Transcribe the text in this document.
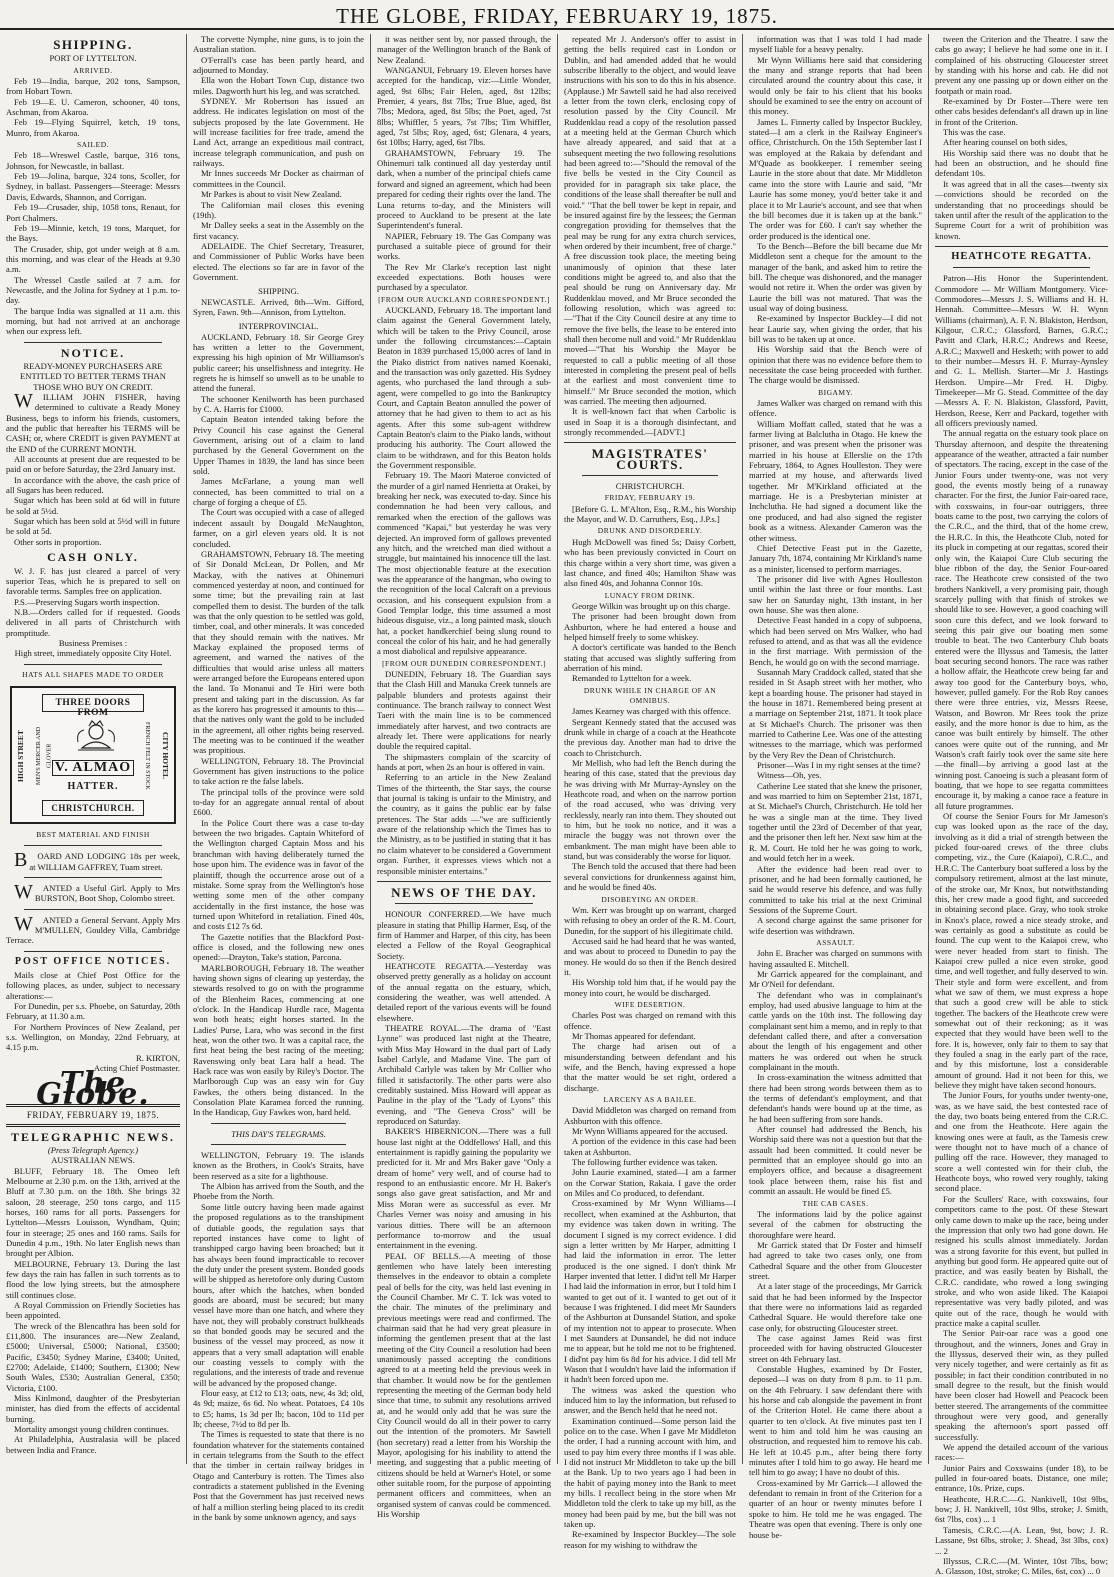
THE GLOBE, FRIDAY, FEBRUARY 19, 1875.
SHIPPING.

PORT OF LYTTELTON.

ARRIVED.

Feb 19—India, barque, 202 tons, Sampson, from Hobart Town.

Feb 19—E. U. Cameron, schooner, 40 tons, Aschman, from Akaroa.

Feb 19—Flying Squirrel, ketch, 19 tons, Munro, from Akaroa.

SAILED.

Feb 18—Wreswel Castle, barque, 316 tons, Johnson, for Newcastle, in ballast.

Feb 19—Jolina, barque, 324 tons, Scoller, for Sydney, in ballast. Passengers—Steerage: Messrs Davis, Edwards, Shannon, and Corrigan.

Feb 19—Crusader, ship, 1058 tons, Renaut, for Port Chalmers.

Feb 19—Minnie, ketch, 19 tons, Marquet, for the Bays.

The Crusader, ship, got under weigh at 8 a.m. this morning, and was clear of the Heads at 9.30 a.m.

The Wressel Castle sailed at 7 a.m. for Newcastle, and the Jolina for Sydney at 1 p.m. to-day.

The barque India was signalled at 11 a.m. this morning, but had not arrived at an anchorage when our express left.

NOTICE.

READY-MONEY PURCHASERS ARE ENTITLED TO BETTER TERMS THAN THOSE WHO BUY ON CREDIT.

WILLIAM JOHN FISHER, having determined to cultivate a Ready Money Business, begs to inform his friends, customers, and the public that hereafter his TERMS will be CASH; or, where CREDIT is given PAYMENT at the END of the CURRENT MONTH.

All accounts at present due are requested to be paid on or before Saturday, the 23rd January inst.

In accordance with the above, the cash price of all Sugars has been reduced.

Sugar which has been sold at 6d will in future be sold at 5½d.

Sugar which has been sold at 5½d will in future be sold at 5d.

Other sorts in proportion.

CASH ONLY.

W. J. F. has just cleared a parcel of very superior Teas, which he is prepared to sell on favorable terms. Samples free on application.

P.S.—Preserving Sugars worth inspection.

N.B.—Orders called for if requested. Goods delivered in all parts of Christchurch with promptitude.

Business Premises :

High street, immediately opposite City Hotel.

HATS ALL SHAPES MADE TO ORDER

THREE DOORS FROM
HIGH STREET	MEN'S MERCER AND GLOVER	CITY HOTEL
FRENCH FELT IN STOCK
V. ALMAO
HATTER.
CHRISTCHURCH.

BEST MATERIAL AND FINISH

BOARD AND LODGING 18s per week, at WILLIAM GAFFREY, Tuam street.

WANTED a Useful Girl. Apply to Mrs BURSTON, Boot Shop, Colombo street.

WANTED a General Servant. Apply Mrs M'MULLEN, Gouldey Villa, Cambridge Terrace.

POST OFFICE NOTICES.

Mails close at Chief Post Office for the following places, as under, subject to necessary alterations:—

For Dunedin, per s.s. Phoebe, on Saturday, 20th February, at 11.30 a.m.

For Northern Provinces of New Zealand, per s.s. Wellington, on Monday, 22nd February, at 4.15 p.m.

R. KIRTON,

Acting Chief Postmaster.

The Globe.
FRIDAY, FEBRUARY 19, 1875.
TELEGRAPHIC NEWS.

(Press Telegraph Agency.)

AUSTRALIAN NEWS.

BLUFF, February 18. The Omeo left Melbourne at 2.30 p.m. on the 13th, arrived at the Bluff at 7.30 p.m. on the 18th. She brings 32 saloon, 28 steerage, 250 tons cargo, and 115 horses, 160 rams for all ports. Passengers for Lyttelton—Messrs Louisson, Wyndham, Quin; four in steerage; 25 ones and 160 rams. Sails for Dunedin 4 p.m., 19th. No later English news than brought per Albion.

MELBOURNE, February 13. During the last few days the rain has fallen in such torrents as to flood the low lying streets, but the atmosphere still continues close.

A Royal Commission on Friendly Societies has been appointed.

The wreck of the Blencathra has been sold for £11,800. The insurances are—New Zealand, £5000; Universal, £5000; National, £3500; Pacific, £3450; Sydney Marine, £3400; United, £2700; Adelaide, £1400; Southern, £1300; New South Wales, £530; Australian General, £350; Victoria, £100.

Miss Kinlmond, daughter of the Presbyterian minister, has died from the effects of accidental burning.

Mortality amongst young children continues.

At Philadelphia, Australasia will be placed between India and France.

The corvette Nymphe, nine guns, is to join the Australian station.

O'Ferrall's case has been partly heard, and adjourned to Monday.

Ella won the Hobart Town Cup, distance two miles. Dagworth hurt his leg, and was scratched.

SYDNEY. Mr Robertson has issued an address. He indicates legislation on most of the subjects proposed by the late Government. He will increase facilities for free trade, amend the Land Act, arrange an expeditious mail contract, increase telegraph communication, and push on railways.

Mr Innes succeeds Mr Docker as chairman of committees in the Council.

Mr Parkes is about to visit New Zealand.

The Californian mail closes this evening (19th).

Mr Dalley seeks a seat in the Assembly on the first vacancy.

ADELAIDE. The Chief Secretary, Treasurer, and Commissioner of Public Works have been elected. The elections so far are in favor of the Government.

SHIPPING.

NEWCASTLE. Arrived, 8th—Wm. Gifford, Syren, Fawn. 9th—Annison, from Lyttelton.

INTERPROVINCIAL.

AUCKLAND, February 18. Sir George Grey has written a letter to the Government, expressing his high opinion of Mr Williamson's public career; his unselfishness and integrity. He regrets he is himself so unwell as to be unable to attend the funeral.

The schooner Kenilworth has been purchased by C. A. Harris for £1000.

Captain Beaton intended taking before the Privy Council his case against the General Government, arising out of a claim to land purchased by the General Government on the Upper Thames in 1839, the land has since been sold.

James McFarlane, a young man well connected, has been committed to trial on a charge of forging a cheque of £5.

The Court was occupied with a case of alleged indecent assault by Dougald McNaughton, farmer, on a girl eleven years old. It is not concluded.

GRAHAMSTOWN, February 18. The meeting of Sir Donald McLean, Dr Pollen, and Mr Mackay, with the natives at Ohinemuri commenced yesterday at noon, and continued for some time; but the prevailing rain at last compelled them to desist. The burden of the talk was that the only question to be settled was gold, timber, coal, and other minerals. It was conceded that they should remain with the natives. Mr Mackay explained the proposed terms of agreement, and warned the natives of the difficulties that would arise unless all matters were arranged before the Europeans entered upon the land. To Monanui and Te Hiri were both present and taking part in the discussion. As far as the korero has progressed it amounts to this—that the natives only want the gold to be included in the agreement, all other rights being reserved. The meeting was to be continued if the weather was propitious.

WELLINGTON, February 18. The Provincial Government has given instructions to the police to take action re the false labels.

The principal tolls of the province were sold to-day for an aggregate annual rental of about £600.

In the Police Court there was a case to-day between the two brigades. Captain Whiteford of the Wellington charged Captain Moss and his branchman with having deliberately turned the hose upon him. The evidence was in favor of the plaintiff, though the occurrence arose out of a mistake. Some spray from the Wellington's hose wetting some men of the other company accidentally in the first instance, the hose was turned upon Whiteford in retaliation. Fined 40s, and costs £12 7s 6d.

The Gazette notifies that the Blackford Post-office is closed, and the following new ones opened:—Drayton, Take's station, Parcona.

MARLBOROUGH, February 18. The weather having shown signs of clearing up yesterday, the stewards resolved to go on with the programme of the Blenheim Races, commencing at one o'clock. In the Handicap Hurdle race, Magenta won both heats; eight horses started. In the Ladies' Purse, Lara, who was second in the first heat, won the other two. It was a capital race, the first heat being the best racing of the meeting; Ravenswing only beat Lara half a head. The Hack race was won easily by Riley's Doctor. The Marlborough Cup was an easy win for Guy Fawkes, the others being distanced. In the Consolation Plate Karamea forced the running. In the Handicap, Guy Fawkes won, hard held.

THIS DAY'S TELEGRAMS.

WELLINGTON, February 19. The islands known as the Brothers, in Cook's Straits, have been reserved as a site for a lighthouse.

The Albion has arrived from the South, and the Phoebe from the North.

Some little outcry having been made against the proposed regulations as to the transhipment of dutiable goods, the regulation says that reported instances have come to light of transhipped cargo having been broached; but it has always been found impracticable to recover the duty under the present system. Bonded goods will be shipped as heretofore only during Custom hours, after which the hatches, when bonded goods are aboard, must be secured; but many vessel have more than one hatch, and where they have not, they will probably construct bulkheads so that bonded goods may be secured and the business of the vessel may proceed, as now it appears that a very small adaptation will enable our coasting vessels to comply with the regulations, and the interests of trade and revenue will be advanced by the proposed change.

Flour easy, at £12 to £13; oats, new, 4s 3d; old, 4s 9d; maize, 6s 6d. No wheat. Potatoes, £4 10s to £5; hams, 1s 3d per lb; bacon, 10d to 11d per lb; cheese, 7½d to 8d per lb.

The Times is requested to state that there is no foundation whatever for the statements contained in certain telegrams from the South to the effect that the timber in certain railway bridges in Otago and Canterbury is rotten. The Times also contradicts a statement published in the Evening Post that the Government has just received news of half a million sterling being placed to its credit in the bank by some unknown agency, and says

it was neither sent by, nor passed through, the manager of the Wellington branch of the Bank of New Zealand.

WANGANUI, February 19. Eleven horses have accepted for the handicap, viz:—Little Wonder, aged, 9st 6lbs; Fair Helen, aged, 8st 12lbs; Premier, 4 years, 8st 7lbs; True Blue, aged, 8st 7lbs; Medora, aged, 8st 5lbs; the Poet, aged, 7st 8lbs; Whiffler, 5 years, 7st 7lbs; Tim Whiffler, aged, 7st 5lbs; Roy, aged, 6st; Glenara, 4 years, 6st 10lbs; Harry, aged, 6st 7lbs.

GRAHAMSTOWN, February 19. The Ohinemuri talk continued all day yesterday until dark, when a number of the principal chiefs came forward and signed an agreement, which had been prepared for ceding their rights over the land. The Luna returns to-day, and the Ministers will proceed to Auckland to be present at the late Superintendent's funeral.

NAPIER, February 19. The Gas Company was purchased a suitable piece of ground for their works.

The Rev Mr Clarke's reception last night exceeded expectations. Both houses were purchased by a speculator.

[FROM OUR AUCKLAND CORRESPONDENT.]

AUCKLAND, February 18. The important land claim against the General Government lately, which will be taken to the Privy Council, arose under the following circumstances:—Captain Beaton in 1839 purchased 15,000 acres of land in the Piako district from natives named Koenaki, and the transaction was only gazetted. His Sydney agents, who purchased the land through a sub-agent, were compelled to go into the Bankruptcy Court, and Captain Beaton annulled the power of attorney that he had given to them to act as his agents. After this some sub-agent withdrew Captain Beaton's claim to the Piako lands, without producing his authority. The Court allowed the claim to be withdrawn, and for this Beaton holds the Government responsible.

February 19. The Maori Materoe convicted of the murder of a girl named Henrietta at Orakei, by breaking her neck, was executed to-day. Since his condemnation he had been very callous, and remarked when the erection of the gallows was commenced "Kapai," but yesterday he was very dejected. An improved form of gallows prevented any hitch, and the wretched man died without a struggle, but maintained his innocence till the last. The most objectionable feature at the execution was the appearance of the hangman, who owing to the recognition of the local Calcraft on a previous occasion, and his consequent expulsion from a Good Templar lodge, this time assumed a most hideous disguise, viz., a long painted mask, slouch hat, a pocket handkerchief being slung round to conceal the color of his hair, and he had generally a most diabolical and repulsive appearance.

[FROM OUR DUNEDIN CORRESPONDENT.]

DUNEDIN, February 18. The Guardian says that the Clash Hill and Manuka Creek tunnels are palpable blunders and protests against their continuance. The branch railway to connect West Taeri with the main line is to be commenced immediately after harvest, and two contracts are already let. There were applications for nearly double the required capital.

The shipmasters complain of the scarcity of hands at port, when 2s an hour is offered in vain.

Referring to an article in the New Zealand Times of the thirteenth, the Star says, the course that journal is taking is unfair to the Ministry, and the country, as it gains the public ear by false pretences. The Star adds —"we are sufficiently aware of the relationship which the Times has to the Ministry, as to be justified in stating that it has no claim whatever to be considered a Government organ. Further, it expresses views which not a responsible minister entertains."

NEWS OF THE DAY.

HONOUR CONFERRED.—We have much pleasure in stating that Phillip Harmer, Esq, of the firm of Hammer and Harper, of this city, has been elected a Fellow of the Royal Geographical Society.

HEATHCOTE REGATTA.—Yesterday was observed pretty generally as a holiday on account of the annual regatta on the estuary, which, considering the weather, was well attended. A detailed report of the various events will be found elsewhere.

THEATRE ROYAL.—The drama of "East Lynne" was produced last night at the Theatre, with Miss May Howard in the dual part of Lady Isabel Carlyle, and Madame Vine. The part of Archibald Carlyle was taken by Mr Collier who filled it satisfactorily. The other parts were also creditably sustained. Miss Howard will appear as Pauline in the play of the "Lady of Lyons" this evening, and "The Geneva Cross" will be reproduced on Saturday.

BAKER'S HIBERNICON.—There was a full house last night at the Oddfellows' Hall, and this entertainment is rapidly gaining the popularity we predicted for it. Mr and Mrs Baker gave "Only a dream of home" very well, and of course had to respond to an enthusiastic encore. Mr H. Baker's songs also gave great satisfaction, and Mr and Miss Moran were as successful as ever. Mr Charles Verner was noisy and amusing in his various ditties. There will be an afternoon performance to-morrow and the usual entertainment in the evening.

PEAL OF BELLS.—A meeting of those gentlemen who have lately been interesting themselves in the endeavor to obtain a complete peal of bells for the city, was held last evening in the Council Chamber. Mr C. T. Ick was voted to the chair. The minutes of the preliminary and previous meetings were read and confirmed. The chairman said that he had very great pleasure in informing the gentlemen present that at the last meeting of the City Council a resolution had been unanimously passed accepting the conditions agreed to at a meeting held the previous week in that chamber. It would now be for the gentlemen representing the meeting of the German body held since that time, to submit any resolutions arrived at, and he would only add that he was sure the City Council would do all in their power to carry out the intention of the promoters. Mr Sawtell (hon secretary) read a letter from his Worship the Mayor, apologising for his inability to attend the meeting, and suggesting that a public meeting of citizens should be held at Warner's Hotel, or some other suitable room, for the purpose of appointing permanent officers and committees, when an organised system of canvas could be commenced. His Worship

repeated Mr J. Anderson's offer to assist in getting the bells required cast in London or Dublin, and had amended added that he would subscribe liberally to the object, and would leave instructions with his son to do this in his absence. (Applause.) Mr Sawtell said he had also received a letter from the town clerk, enclosing copy of resolution passed by the City Council. Mr Ruddenklau read a copy of the resolution passed at a meeting held at the German Church which have already appeared, and said that at a subsequent meeting the two following resolutions had been agreed to:—"Should the removal of the five bells be vested in the City Council as provided for in paragraph six take place, the conditions of the lease shall thereafter be null and void." "That the bell tower be kept in repair, and be insured against fire by the lessees; the German congregation providing for themselves that the peal may be rung for any extra church services, when ordered by their incumbent, free of charge." A free discussion took place, the meeting being unanimously of opinion that these later conditions might be agreed to, and also that the peal should be rung on Anniversary day. Mr Ruddenklau moved, and Mr Bruce seconded the following resolution, which was agreed to:—"That if the City Council desire at any time to remove the five bells, the lease to be entered into shall then become null and void." Mr Ruddenklau moved—"That his Worship the Mayor be requested to call a public meeting of all those interested in completing the present peal of bells at the earliest and most convenient time to himself." Mr Bruce seconded the motion, which was carried. The meeting then adjourned.

It is well-known fact that when Carbolic is used in Soap it is a thorough disinfectant, and strongly recommended.—[ADVT.]

MAGISTRATES' COURTS.

CHRISTCHURCH.

FRIDAY, FEBRUARY 19.

[Before G. L. M'Alton, Esq., R.M., his Worship the Mayor, and W. D. Carruthers, Esq., J.P.s.]

DRUNK AND DISORDERLY.

Hugh McDowell was fined 5s; Daisy Corbett, who has been previously convicted in Court on this charge within a very short time, was given a last chance, and fined 40s; Hamilton Shaw was also fined 40s, and Johanna Connor 10s.

LUNACY FROM DRINK.

George Wilkin was brought up on this charge.

The prisoner had been brought down from Ashburton, where he had entered a house and helped himself freely to some whiskey.

A doctor's certificate was handed to the Bench stating that accused was slightly suffering from aberration of his mind.

Remanded to Lyttelton for a week.

DRUNK WHILE IN CHARGE OF AN OMNIBUS.

James Kearney was charged with this offence.

Sergeant Kennedy stated that the accused was drunk while in charge of a coach at the Heathcote the previous day. Another man had to drive the coach to Christchurch.

Mr Mellish, who had left the Bench during the hearing of this case, stated that the previous day he was driving with Mr Murray-Aynsley on the Heathcote road, and when on the narrow portion of the road accused, who was driving very recklessly, nearly ran into them. They shouted out to him, but he took no notice, and it was a miracle the buggy was not thrown over the embankment. The man might have been able to stand, but was considerably the worse for liquor.

The Bench told the accused that there had been several convictions for drunkenness against him, and he would be fined 40s.

DISOBEYING AN ORDER.

Wm. Kerr was brought up on warrant, charged with refusing to obey an order of the R. M. Court, Dunedin, for the support of his illegitimate child.

Accused said he had heard that he was wanted, and was about to proceed to Dunedin to pay the money. He would do so then if the Bench desired it.

His Worship told him that, if he would pay the money into court, he would be discharged.

WIFE DESERTION.

Charles Post was charged on remand with this offence.

Mr Thomas appeared for defendant.

The charge had arisen out of a misunderstanding between defendant and his wife, and the Bench, having expressed a hope that the matter would be set right, ordered a discharge.

LARCENY AS A BAILEE.

David Middleton was charged on remand from Ashburton with this offence.

Mr Wynn Williams appeared for the accused.

A portion of the evidence in this case had been taken at Ashburton.

The following further evidence was taken.

John Laurie examined, stated—I am a farmer on the Corwar Station, Rakaia. I gave the order on Miles and Co produced, to defendant.

Cross-examined by Mr Wynn Williams—I recollect, when examined at the Ashburton, that my evidence was taken down in writing. The document I signed is my correct evidence. I did sign a letter written by Mr Harper, admitting I had laid the information in error. The letter produced is the one signed. I don't think Mr Harper invented that letter. I did'nt tell Mr Harper I had laid the information in error, but I told him I wanted to get out of it. I wanted to get out of it because I was frightened. I did meet Mr Saunders of the Ashburton at Dunsandel Station, and spoke of my intention not to appear to prosecute. When I met Saunders at Dunsandel, he did not induce me to appear, but he told me not to be frightened. I did'nt pay him 6s 8d for his advice. I did tell Mr Wason that I wouldn't have laid the information if it hadn't been forced upon me.

The witness was asked the question who induced him to lay the information, but refused to answer, and the Bench held that he need not.

Examination continued—Some person laid the police on to the case. When I gave Mr Middleton the order, I had a running account with him, and used to pay him every three months if I was able. I did not instruct Mr Middleton to take up the bill at the Bank. Up to two years ago I had been in the habit of paying money into the Bank to meet my bills. I recollect being in the store when Mr Middleton told the clerk to take up my bill, as the money had been paid by me, but the bill was not taken up.

Re-examined by Inspector Buckley—The sole reason for my wishing to withdraw the

information was that I was told I had made myself liable for a heavy penalty.

Mr Wynn Williams here said that considering the many and strange reports that had been circulated around the country about this case, it would only be fair to his client that his books should be examined to see the entry on account of this money.

James L. Finnerty called by Inspector Buckley, stated—I am a clerk in the Railway Engineer's office, Christchurch. On the 15th September last I was employed at the Rakaia by defendant and M'Quade as bookkeeper. I remember seeing Laurie in the store about that date. Mr Middleton came into the store with Laurie and said, "Mr Laurie has some money, you'd better take it and place it to Mr Laurie's account, and see that when the bill becomes due it is taken up at the bank." The order was for £60. I can't say whether the order produced is the identical one.

To the Bench—Before the bill became due Mr Middleton sent a cheque for the amount to the manager of the bank, and asked him to retire the bill. The cheque was dishonored, and the manager would not retire it. When the order was given by Laurie the bill was not matured. That was the usual way of doing business.

Re-examined by Inspector Buckley—I did not hear Laurie say, when giving the order, that his bill was to be taken up at once.

His Worship said that the Bench were of opinion that there was no evidence before them to necessitate the case being proceeded with further. The charge would be dismissed.

BIGAMY.

James Walker was charged on remand with this offence.

William Moffatt called, stated that he was a farmer living at Balclutha in Otago. He knew the prisoner, and was present when the prisoner was married in his house at Ellerslie on the 17th February, 1864, to Agnes Houlleston. They were married at my house, and afterwards lived together. Mr M'Kirkland officiated at the marriage. He is a Presbyterian minister at Inchclutha. He had signed a document like the one produced, and had also signed the register book as a witness. Alexander Cameron was the other witness.

Chief Detective Feast put in the Gazette, January 7th, 1874, containing Mr Kirkland's name as a minister, licensed to perform marriages.

The prisoner did live with Agnes Houlleston until within the last three or four months. Last saw her on Saturday night, 13th instant, in her own house. She was then alone.

Detective Feast handed in a copy of subpoena, which had been served on Mrs Walker, who had refused to attend, and as that was all the evidence in the first marriage. With permission of the Bench, he would go on with the second marriage.

Susannah Mary Craddock called, stated that she resided in St Asaph street with her mother, who kept a boarding house. The prisoner had stayed in the house in 1871. Remembered being present at a marriage on September 21st, 1871. It took place at St Michael's Church. The prisoner was then married to Catherine Lee. Was one of the attesting witnesses to the marriage, which was performed by the Very Rev the Dean of Christchurch.

Prisoner—Was I in my right senses at the time?

Witness—Oh, yes.

Catherine Lee stated that she knew the prisoner, and was married to him on September 21st, 1871, at St. Michael's Church, Christchurch. He told her he was a single man at the time. They lived together until the 23rd of December of that year, and the prisoner then left her. Next saw him at the R. M. Court. He told her he was going to work, and would fetch her in a week.

After the evidence had been read over to prisoner, and he had been formally cautioned, he said he would reserve his defence, and was fully committed to take his trial at the next Criminal Sessions of the Supreme Court.

A second charge against the same prisoner for wife desertion was withdrawn.

ASSAULT.

John E. Bracher was charged on summons with having assaulted E. Mitchell.

Mr Garrick appeared for the complainant, and Mr O'Neil for defendant.

The defendant who was in complainant's employ, had used abusive language to him at the cattle yards on the 10th inst. The following day complainant sent him a memo, and in reply to that defendant called there, and after a conversation about the length of his engagement and other matters he was ordered out when he struck complainant in the mouth.

In cross-examination the witness admitted that there had been strong words between them as to the terms of defendant's employment, and that defendant's hands were bound up at the time, as he had been suffering from sore hands.

After counsel had addressed the Bench, his Worship said there was not a question but that the assault had been committed. It could never be permitted that an employee should go into an employers office, and because a disagreement took place between them, raise his fist and commit an assault. He would be fined £5.

THE CAB CASES.

The informations laid by the police against several of the cabmen for obstructing the thoroughfare were heard.

Mr Garrick stated that Dr Foster and himself had agreed to take two cases only, one from Cathedral Square and the other from Gloucester street.

At a later stage of the proceedings, Mr Garrick said that he had been informed by the Inspector that there were no informations laid as regarded Cathedral Square. He would therefore take one case only, for obstructing Gloucester street.

The case against James Reid was first proceeded with for having obstructed Gloucester street on 4th February last.

Constable Hughes, examined by Dr Foster, deposed—I was on duty from 8 p.m. to 11 p.m. on the 4th February. I saw defendant there with his horse and cab alongside the pavement in front of the Criterion Hotel. He came there about a quarter to ten o'clock. At five minutes past ten I went to him and told him he was causing an obstruction, and requested him to remove his cab. He left at 10.45 p.m., after being there forty minutes after I told him to go away. He heard me tell him to go away; I have no doubt of this.

Cross-examined by Mr Garrick—I allowed the defendant to remain in front of the Criterion for a quarter of an hour or twenty minutes before I spoke to him. He told me he was engaged. The Theatre was open that evening. There is only one house be-

tween the Criterion and the Theatre. I saw the cabs go away; I believe he had some one in it. I complained of his obstructing Gloucester street by standing with his horse and cab. He did not prevent any one passing up or down either on the footpath or main road.

Re-examined by Dr Foster—There were ten other cabs besides defendant's all drawn up in line in front of the Criterion.

This was the case.

After hearing counsel on both sides,

His Worship said there was no doubt that he had been an obstruction, and he should fine defendant 10s.

It was agreed that in all the cases—twenty six—convictions should be recorded on the understanding that no proceedings should be taken until after the result of the application to the Supreme Court for a writ of prohibition was known.

HEATHCOTE REGATTA.

Patron—His Honor the Superintendent. Commodore — Mr William Montgomery. Vice-Commodores—Messrs J. S. Williams and H. H. Hennah. Committee—Messrs W. H. Wynn Williams (chairman), A. F. N. Blakiston, Herdson, Kilgour, C.R.C.; Glassford, Barnes, G.R.C.; Pavitt and Clark, H.R.C.; Andrews and Reese, A.R.C.; Maxwell and Hesketh; with power to add to their number—Messrs H. F. Murray-Aynsley and G. L. Mellish. Starter—Mr J. Hastings Herdson. Umpire—Mr Fred. H. Digby. Timekeeper—Mr G. Stead. Committee of the day—Messrs A. F. N. Blakiston, Glassford, Pavitt, Herdson, Reese, Kerr and Packard, together with all officers previously named.

The annual regatta on the estuary took place on Thursday afternoon, and despite the threatening appearance of the weather, attracted a fair number of spectators. The racing, except in the case of the Junior Fours under twenty-one, was not very good, the events mostly being of a runaway character. For the first, the Junior Fair-oared race, with coxswains, in four-oar outriggers, three boats came to the post, two carrying the colors of the C.R.C., and the third, that of the home crew, the H.R.C. In this, the Heathcote Club, noted for its pluck in competing at our regattas, scored their only win, the Kaiapoi Cure Club securing the blue ribbon of the day, the Senior Four-oared race. The Heathcote crew consisted of the two brothers Nankivell, a very promising pair, though scarcely pulling with that finish of strokes we should like to see. However, a good coaching will soon cure this defect, and we look forward to seeing this pair give our boating men some trouble to beat. The two Canterbury Club boats entered were the Illyssus and Tamesis, the latter boat securing second honors. The race was rather a hollow affair, the Heathcote crew being far and away too good for the Canterbury boys, who, however, pulled gamely. For the Rob Roy canoes there were three entries, viz, Messrs Reese, Watson, and Bowron. Mr Rees took the prize easily, and the more honor is due to him, as the canoe was built entirely by himself. The other canoes were quite out of the running, and Mr Watson's craft fairly took over the same site here—the finall—by arriving a good last at the winning post. Canoeing is such a pleasant form of boating, that we hope to see regatta committees encourage it, by making a canoe race a feature in all future programmes.

Of course the Senior Fours for Mr Jameson's cup was looked upon as the race of the day, involving as it did a trial of strength between the picked four-oared crews of the three clubs competing, viz., the Cure (Kaiapoi), C.R.C., and H.R.C. The Canterbury boat suffered a loss by the compulsory retirement, almost at the last minute, of the stroke oar, Mr Knox, but notwithstanding this, her crew made a good fight, and succeeded in obtaining second place. Gray, who took stroke in Knox's place, rowed a nice steady stroke, and was certainly as good a substitute as could be found. The cup went to the Kaiapoi crew, who were never headed from start to finish. The Kaiapoi crew pulled a nice even stroke, good time, and well together, and fully deserved to win. Their style and form were excellent, and from what we saw of them, we must express a hope that such a good crew will be able to stick together. The backers of the Heathcote crew were somewhat out of their reckoning; as it was expected that they would have been well to the fore. It is, however, only fair to them to say that they fouled a snag in the early part of the race, and by this misfortune, lost a considerable amount of ground. Had it not been for this, we believe they might have taken second honours.

The Junior Fours, for youths under twenty-one, was, as we have said, the best contested race of the day, two boats being entered from the C.R.C. and one from the Heathcote. Here again the knowing ones were at fault, as the Tamesis crew were thought not to have much of a chance of pulling off the race. However, they managed to score a well contested win for their club, the Heathcote boys, who rowed very roughly, taking second place.

For the Scullers' Race, with coxswains, four competitors came to the post. Of these Stewart only came down to make up the race, being under the impression that only two had gone down. He resigned his sculls almost immediately. Jordan was a strong favorite for this event, but pulled in anything but good form. He appeared quite out of practice, and was easily beaten by Bishall, the C.R.C. candidate, who rowed a long swinging stroke, and who won aside liked. The Kaiapoi representative was very badly piloted, and was quite out of the race, though he would with practice make a capital sculler.

The Senior Pair-oar race was a good one throughout, and the winners, Jones and Gray in the Illyssus, deserved their win, as they pulled very nicely together, and were certainly as fit as possible; in fact their condition contributed in no small degree to the result, but the finish would have been closer had Howell and Peacock been better steered. The arrangements of the committee throughout were very good, and generally speaking the afternoon's sport passed off successfully.

We append the detailed account of the various races:—

Junior Pairs and Coxswains (under 18), to be pulled in four-oared boats. Distance, one mile; entrance, 10s. Prize, cups.

Heathcote, H.R.C.—G. Nankivell, 10st 9lbs, bow; J. H. Nankivell, 10st 9lbs, stroke; J. Smith, 6st 7lbs, cox) ... 1

Tamesis, C.R.C.—(A. Lean, 9st, bow; J. R. Lassane, 9st 6lbs, stroke; J. Shead, 3st 3lbs, cox) ... 2

Illyssus, C.R.C.—(M. Winter, 10st 7lbs, bow; A. Glasson, 10st, stroke; C. Miles, 6st, cox) ... 0
